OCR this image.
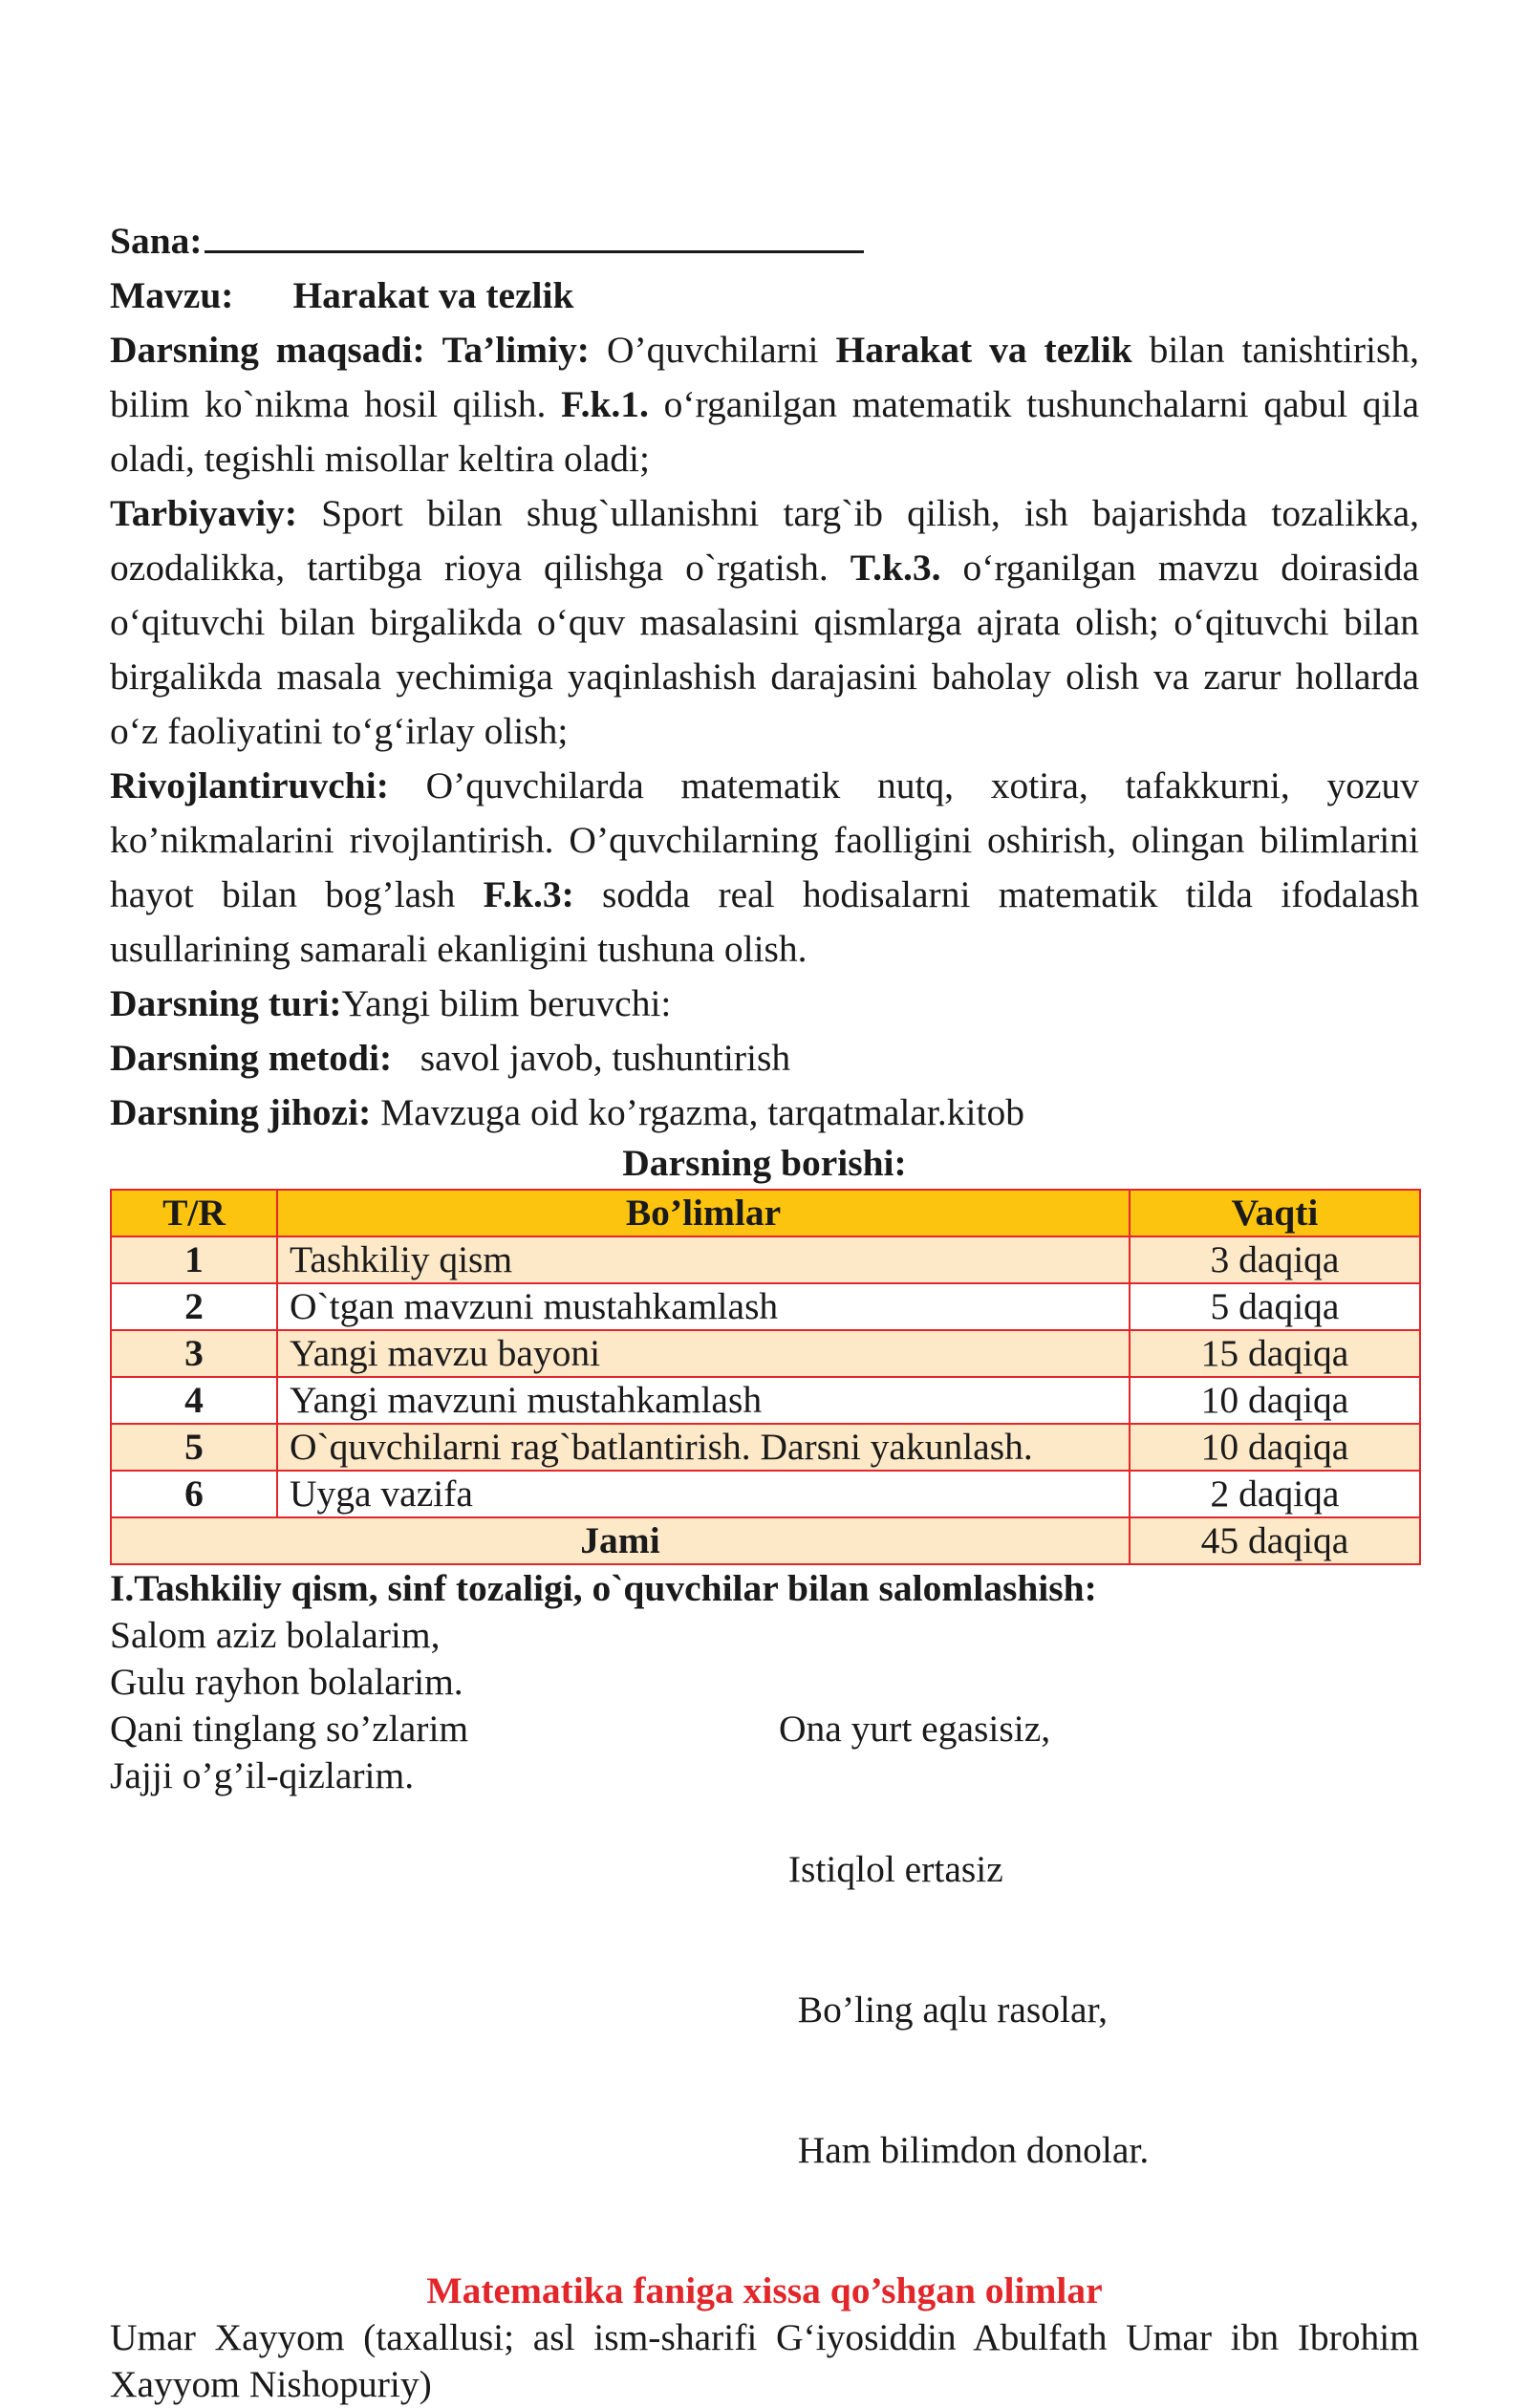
Sana:
Mavzu: Harakat va tezlik
Darsning maqsadi: Ta’limiy: O’quvchilarni Harakat va tezlik bilan tanishtirish, bilim ko`nikma hosil qilish. F.k.1. o‘rganilgan matematik tushunchalarni qabul qila oladi, tegishli misollar keltira oladi;
Tarbiyaviy: Sport bilan shug`ullanishni targ`ib qilish, ish bajarishda tozalikka, ozodalikka, tartibga rioya qilishga o`rgatish. T.k.3. o‘rganilgan mavzu doirasida o‘qituvchi bilan birgalikda o‘quv masalasini qismlarga ajrata olish; o‘qituvchi bilan birgalikda masala yechimiga yaqinlashish darajasini baholay olish va zarur hollarda o‘z faoliyatini to‘g‘irlay olish;
Rivojlantiruvchi: O’quvchilarda matematik nutq, xotira, tafakkurni, yozuv ko’nikmalarini rivojlantirish. O’quvchilarning faolligini oshirish, olingan bilimlarini hayot bilan bog’lash F.k.3: sodda real hodisalarni matematik tilda ifodalash usullarining samarali ekanligini tushuna olish.
Darsning turi:Yangi bilim beruvchi:
Darsning metodi: savol javob, tushuntirish
Darsning jihozi: Mavzuga oid ko’rgazma, tarqatmalar.kitob
Darsning borishi:
T/R	Bo’limlar	Vaqti
1	Tashkiliy qism	3 daqiqa
2	O`tgan mavzuni mustahkamlash	5 daqiqa
3	Yangi mavzu bayoni	15 daqiqa
4	Yangi mavzuni mustahkamlash	10 daqiqa
5	O`quvchilarni rag`batlantirish. Darsni yakunlash.	10 daqiqa
6	Uyga vazifa	2 daqiqa
Jami		45 daqiqa
I.Tashkiliy qism, sinf tozaligi, o`quvchilar bilan salomlashish:
Salom aziz bolalarim,
Gulu rayhon bolalarim.
Qani tinglang so’zlarim
Jajji o’g’il-qizlarim.

Ona yurt egasisiz,

Istiqlol ertasiz

Bo’ling aqlu rasolar,

Ham bilimdon donolar.

Matematika faniga xissa qo’shgan olimlar
Umar Xayyom (taxallusi; asl ism-sharifi G‘iyosiddin Abulfath Umar ibn Ibrohim Xayyom Nishopuriy)
